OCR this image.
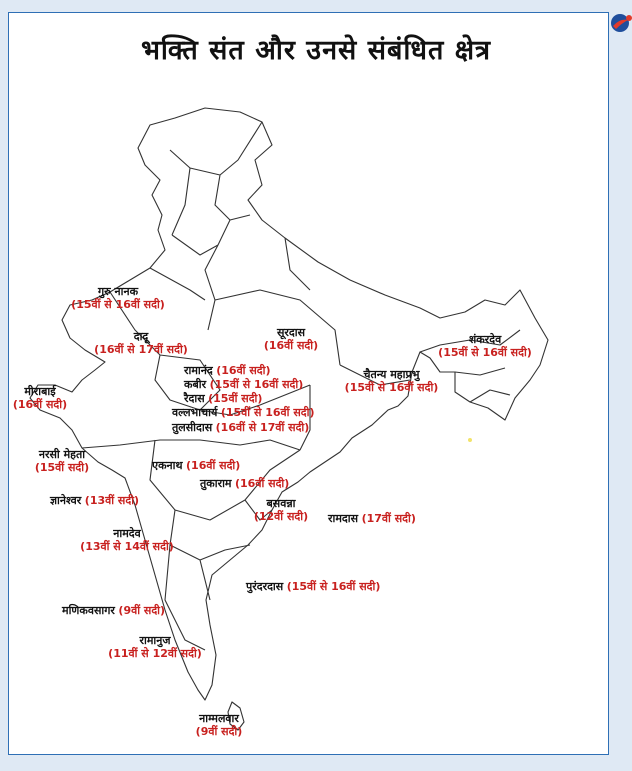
भक्ति संत और उनसे संबंधित क्षेत्र
गुरु नानक
(15वीं से 16वीं सदी)
दादू
(16वीं से 17वीं सदी)
मीराबाई
(16वीं सदी)
नरसी मेहता
(15वीं सदी)
सूरदास
(16वीं सदी)	शंकरदेव
(15वीं से 16वीं सदी)
चैतन्य महाप्रभु
(15वीं से 16वीं सदी)
रामानंद (16वीं सदी)
कबीर (15वीं से 16वीं सदी)
रैदास (15वीं सदी)
वल्लभाचार्य (15वीं से 16वीं सदी)
तुलसीदास (16वीं से 17वीं सदी)
एकनाथ (16वीं सदी)
तुकाराम (16वीं सदी)
ज्ञानेश्वर (13वीं सदी)	बसवन्ना
(12वीं सदी)	रामदास (17वीं सदी)
नामदेव
(13वीं से 14वीं सदी)
पुरंदरदास (15वीं से 16वीं सदी)
मणिकवसागर (9वीं सदी)
रामानुज
(11वीं से 12वीं सदी)
नाम्मलवार
(9वीं सदी)
